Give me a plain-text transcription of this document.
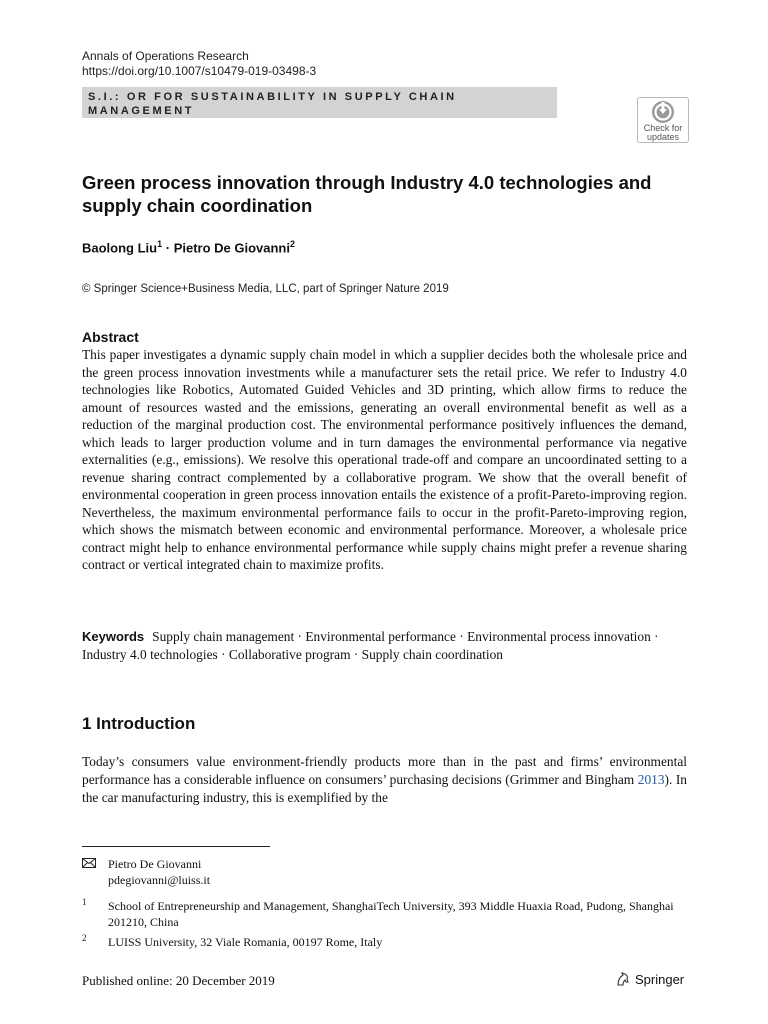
Annals of Operations Research
https://doi.org/10.1007/s10479-019-03498-3
S.I.: OR FOR SUSTAINABILITY IN SUPPLY CHAIN MANAGEMENT
Check for
updates
Green process innovation through Industry 4.0 technologies and supply chain coordination
Baolong Liu$^1$ · Pietro De Giovanni$^2$
© Springer Science+Business Media, LLC, part of Springer Nature 2019
Abstract
This paper investigates a dynamic supply chain model in which a supplier decides both the wholesale price and the green process innovation investments while a manufacturer sets the retail price. We refer to Industry 4.0 technologies like Robotics, Automated Guided Vehicles and 3D printing, which allow firms to reduce the amount of resources wasted and the emissions, generating an overall environmental benefit as well as a reduction of the marginal production cost. The environmental performance positively influences the demand, which leads to larger production volume and in turn damages the environmental performance via negative externalities (e.g., emissions). We resolve this operational trade-off and compare an uncoordinated setting to a revenue sharing contract complemented by a collaborative program. We show that the overall benefit of environmental cooperation in green process innovation entails the existence of a profit-Pareto-improving region. Nevertheless, the maximum environmental performance fails to occur in the profit-Pareto-improving region, which shows the mismatch between economic and environmental performance. Moreover, a wholesale price contract might help to enhance environmental performance while supply chains might prefer a revenue sharing contract or vertical integrated chain to maximize profits.
Keywords Supply chain management · Environmental performance · Environmental process innovation · Industry 4.0 technologies · Collaborative program · Supply chain coordination
1 Introduction
Today’s consumers value environment-friendly products more than in the past and firms’ environmental performance has a considerable influence on consumers’ purchasing decisions (Grimmer and Bingham 2013). In the car manufacturing industry, this is exemplified by the
Pietro De Giovanni
pdegiovanni@luiss.it
1 School of Entrepreneurship and Management, ShanghaiTech University, 393 Middle Huaxia Road, Pudong, Shanghai 201210, China
2 LUISS University, 32 Viale Romania, 00197 Rome, Italy
Published online: 20 December 2019	Springer
